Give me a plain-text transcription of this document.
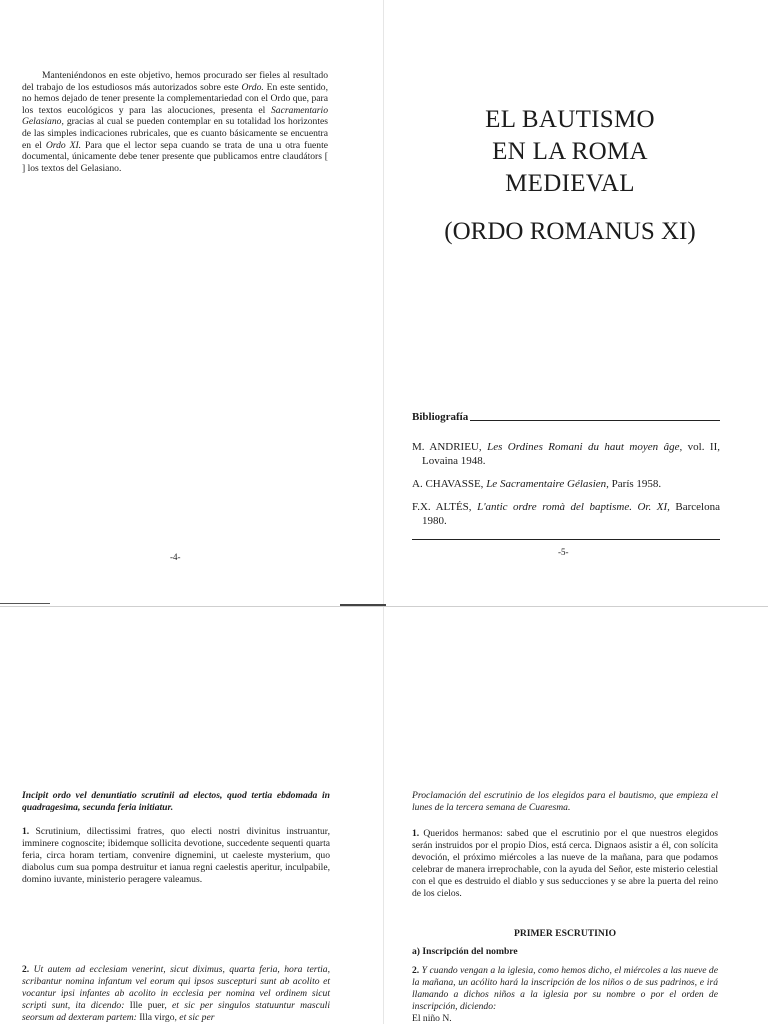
Manteniéndonos en este objetivo, hemos procurado ser fieles al resultado del trabajo de los estudiosos más autorizados sobre este Ordo. En este sentido, no hemos dejado de tener presente la complementariedad con el Ordo que, para los textos eucológicos y para las alocuciones, presenta el Sacramentario Gelasiano, gracias al cual se pueden contemplar en su totalidad los horizontes de las simples indicaciones rubricales, que es cuanto básicamente se encuentra en el Ordo XI. Para que el lector sepa cuando se trata de una u otra fuente documental, únicamente debe tener presente que publicamos entre claudátors [ ] los textos del Gelasiano.

-4-
EL BAUTISMO
EN LA ROMA
MEDIEVAL
(ORDO ROMANUS XI)
Bibliografía

M. ANDRIEU, Les Ordines Romani du haut moyen âge, vol. II, Lovaina 1948.

A. CHAVASSE, Le Sacramentaire Gélasien, París 1958.

F.X. ALTÉS, L'antic ordre romà del baptisme. Or. XI, Barcelona 1980.

-5-

Incipit ordo vel denuntiatio scrutinii ad electos, quod tertia ebdomada in quadragesima, secunda feria initiatur.

1. Scrutinium, dilectissimi fratres, quo electi nostri divinitus instruantur, imminere cognoscite; ibidemque sollicita devotione, succedente sequenti quarta feria, circa horam tertiam, convenire dignemini, ut caeleste mysterium, quo diabolus cum sua pompa destruitur et ianua regni caelestis aperitur, inculpabile, domino iuvante, ministerio peragere valeamus.

2. Ut autem ad ecclesiam venerint, sicut diximus, quarta feria, hora tertia, scribantur nomina infantum vel eorum qui ipsos suscepturi sunt ab acolito et vocantur ipsi infantes ab acolito in ecclesia per nomina vel ordinem sicut scripti sunt, ita dicendo: Ille puer, et sic per singulos statuuntur masculi seorsum ad dexteram partem: Illa virgo, et sic per

Proclamación del escrutinio de los elegidos para el bautismo, que empieza el lunes de la tercera semana de Cuaresma.

1. Queridos hermanos: sabed que el escrutinio por el que nuestros elegidos serán instruidos por el propio Dios, está cerca. Dignaos asistir a él, con solícita devoción, el próximo miércoles a las nueve de la mañana, para que podamos celebrar de manera irreprochable, con la ayuda del Señor, este misterio celestial con el que es destruido el diablo y sus seducciones y se abre la puerta del reino de los cielos.

PRIMER ESCRUTINIO
a) Inscripción del nombre

2. Y cuando vengan a la iglesia, como hemos dicho, el miércoles a las nueve de la mañana, un acólito hará la inscripción de los niños o de sus padrinos, e irá llamando a dichos niños a la iglesia por su nombre o por el orden de inscripción, diciendo:
El niño N.
